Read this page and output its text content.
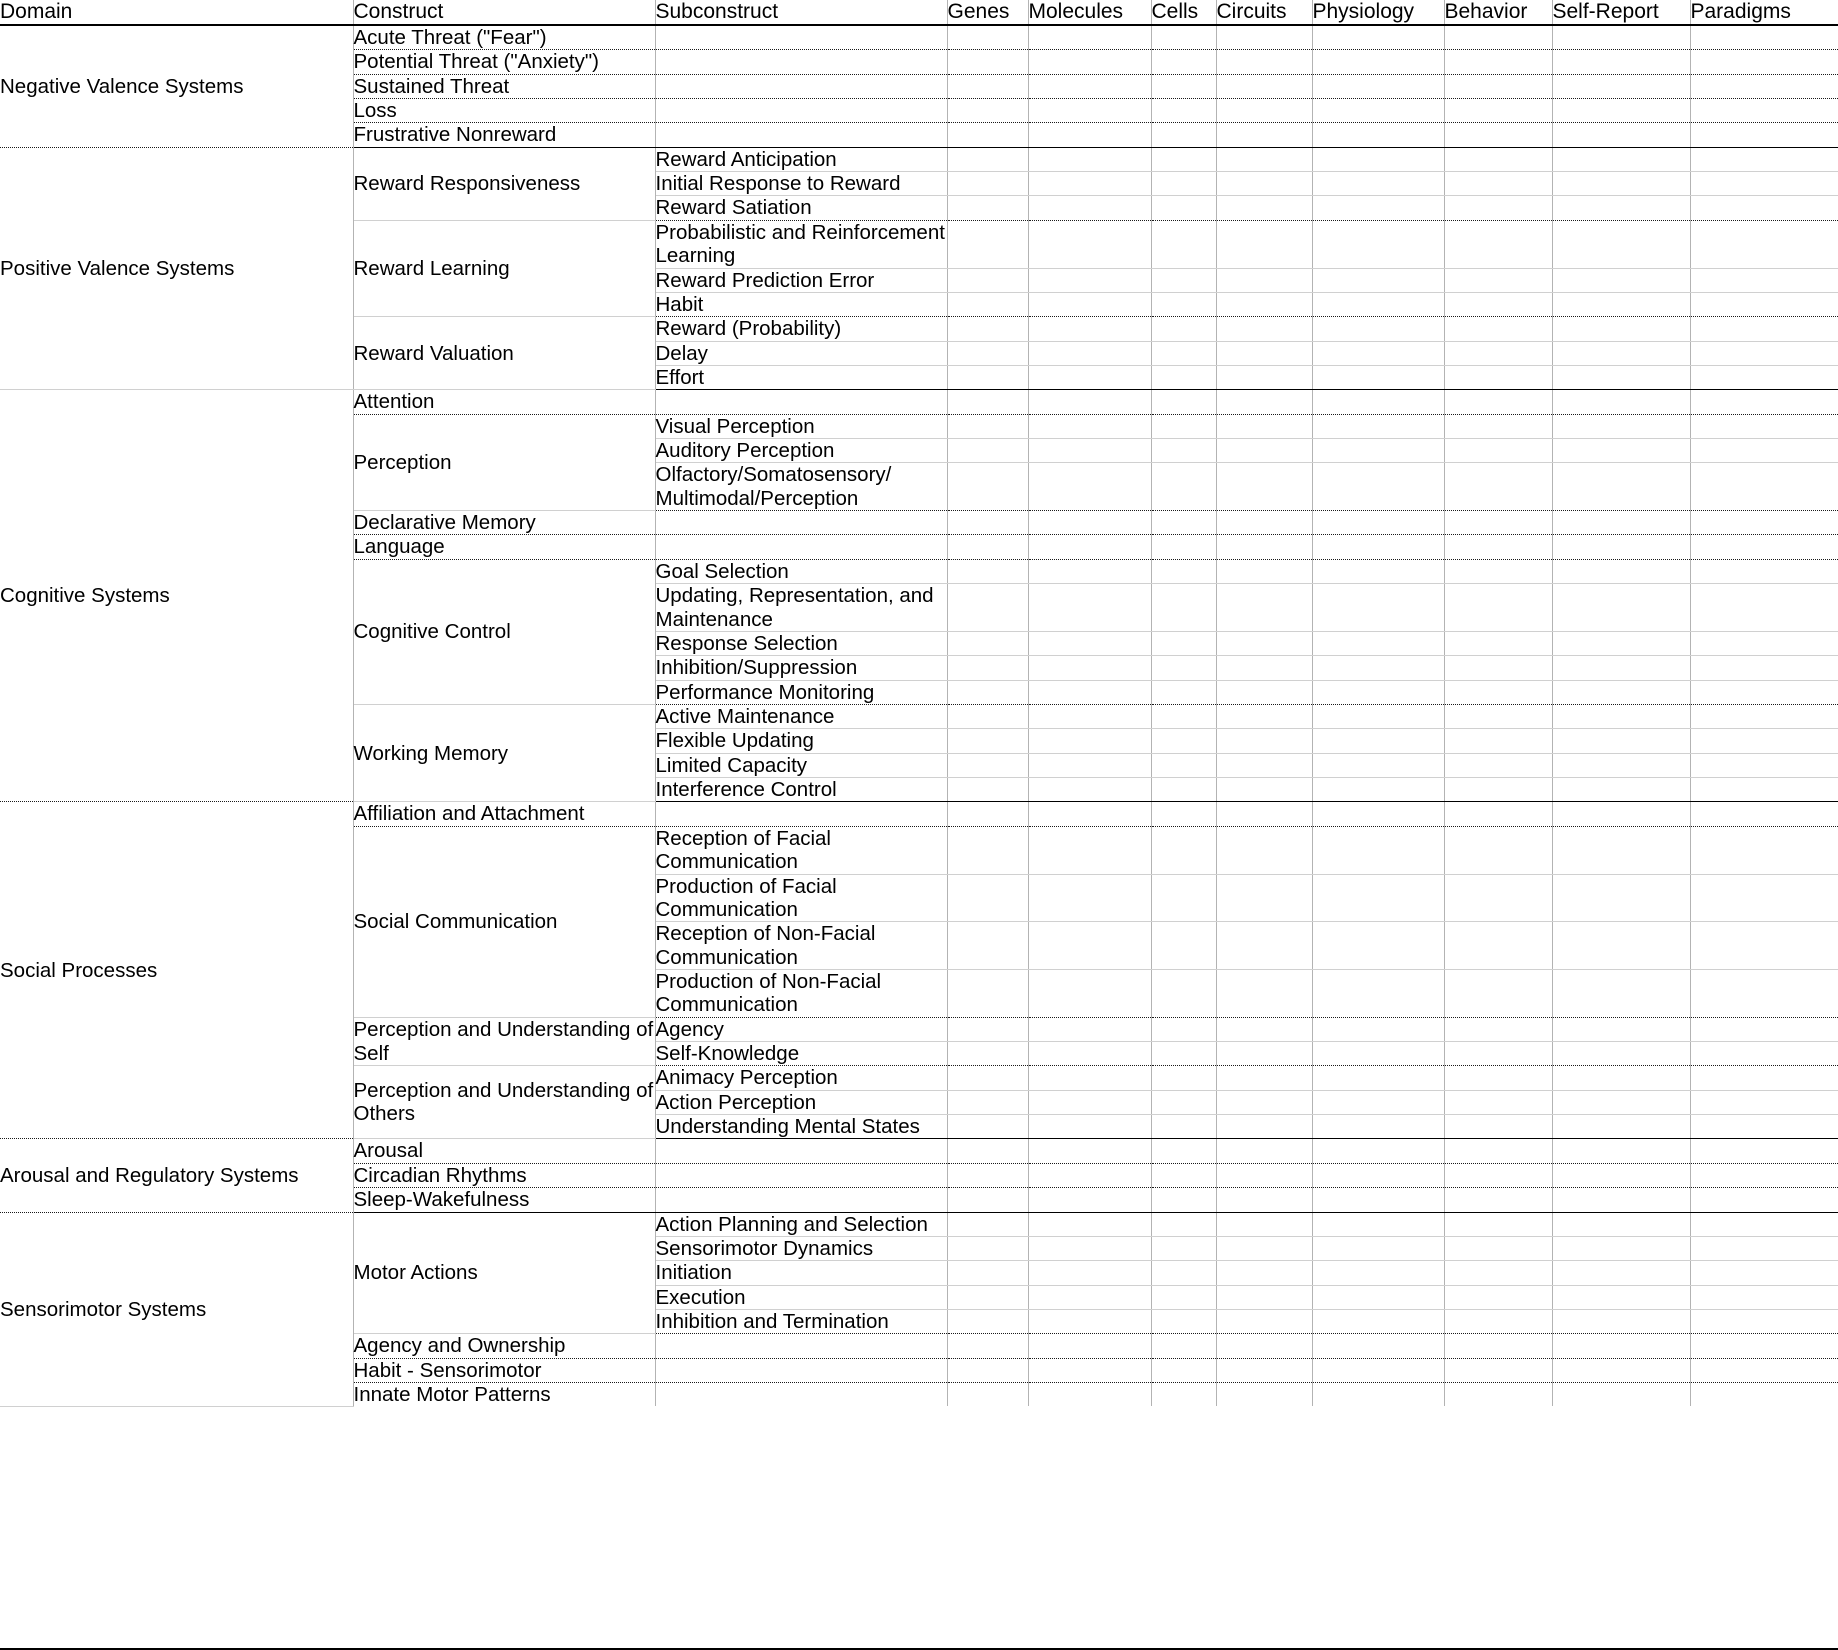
Domain	Construct	Subconstruct	Genes	Molecules	Cells	Circuits	Physiology	Behavior	Self-Report	Paradigms

Negative Valence Systems	Acute Threat ("Fear")									

	Potential Threat ("Anxiety")									

	Sustained Threat									

	Loss									

	Frustrative Nonreward									

Positive Valence Systems	Reward Responsiveness	Reward Anticipation								

		Initial Response to Reward								

		Reward Satiation								

	Reward Learning	Probabilistic and Reinforcement Learning								

		Reward Prediction Error								

		Habit								

	Reward Valuation	Reward (Probability)								

		Delay								

		Effort								

Cognitive Systems	Attention									

	Perception	Visual Perception								

		Auditory Perception								

		Olfactory/Somatosensory/ Multimodal/Perception								

	Declarative Memory									

	Language									

	Cognitive Control	Goal Selection								

		Updating, Representation, and Maintenance								

		Response Selection								

		Inhibition/Suppression								

		Performance Monitoring								

	Working Memory	Active Maintenance								

		Flexible Updating								

		Limited Capacity								

		Interference Control								

Social Processes	Affiliation and Attachment									

	Social Communication	Reception of Facial Communication								

		Production of Facial Communication								

		Reception of Non-Facial Communication								

		Production of Non-Facial Communication								

	Perception and Understanding of Self	Agency								

		Self-Knowledge								

	Perception and Understanding of Others	Animacy Perception								

		Action Perception								

		Understanding Mental States								

Arousal and Regulatory Systems	Arousal									

	Circadian Rhythms									

	Sleep-Wakefulness									

Sensorimotor Systems	Motor Actions	Action Planning and Selection								

		Sensorimotor Dynamics								

		Initiation								

		Execution								

		Inhibition and Termination								

	Agency and Ownership									

	Habit - Sensorimotor									

	Innate Motor Patterns									
